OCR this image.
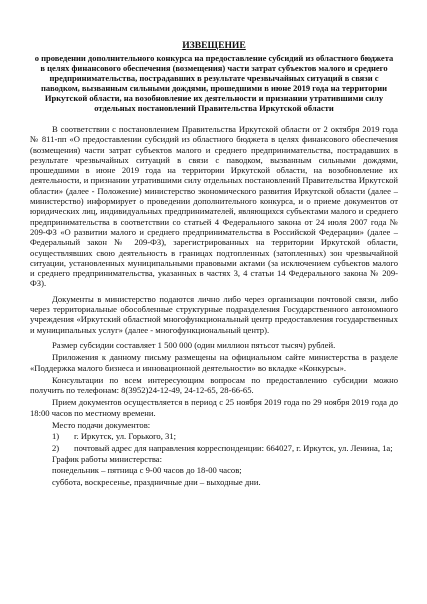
ИЗВЕЩЕНИЕ
о проведении дополнительного конкурса на предоставление субсидий из областного бюджета в целях финансового обеспечения (возмещения) части затрат субъектов малого и среднего предпринимательства, пострадавших в результате чрезвычайных ситуаций в связи с паводком, вызванным сильными дождями, прошедшими в июне 2019 года на территории Иркутской области, на возобновление их деятельности и признании утратившими силу отдельных постановлений Правительства Иркутской области

В соответствии с постановлением Правительства Иркутской области от 2 октября 2019 года № 811-пп «О предоставлении субсидий из областного бюджета в целях финансового обеспечения (возмещения) части затрат субъектов малого и среднего предпринимательства, пострадавших в результате чрезвычайных ситуаций в связи с паводком, вызванным сильными дождями, прошедшими в июне 2019 года на территории Иркутской области, на возобновление их деятельности, и признании утратившими силу отдельных постановлений Правительства Иркутской области» (далее - Положение) министерство экономического развития Иркутской области (далее – министерство) информирует о проведении дополнительного конкурса, и о приеме документов от юридических лиц, индивидуальных предпринимателей, являющихся субъектами малого и среднего предпринимательства в соответствии со статьей 4 Федерального закона от 24 июля 2007 года № 209-ФЗ «О развитии малого и среднего предпринимательства в Российской Федерации» (далее – Федеральный закон № 209-ФЗ), зарегистрированных на территории Иркутской области, осуществлявших свою деятельность в границах подтопленных (затопленных) зон чрезвычайной ситуации, установленных муниципальными правовыми актами (за исключением субъектов малого и среднего предпринимательства, указанных в частях 3, 4 статьи 14 Федерального закона № 209-ФЗ).

Документы в министерство подаются лично либо через организации почтовой связи, либо через территориальные обособленные структурные подразделения Государственного автономного учреждения «Иркутский областной многофункциональный центр предоставления государственных и муниципальных услуг» (далее - многофункциональный центр).

Размер субсидии составляет 1 500 000 (один миллион пятьсот тысяч) рублей.

Приложения к данному письму размещены на официальном сайте министерства в разделе «Поддержка малого бизнеса и инновационной деятельности» во вкладке «Конкурсы».

Консультации по всем интересующим вопросам по предоставлению субсидии можно получить по телефонам: 8(3952)24-12-49, 24-12-65, 28-66-65.

Прием документов осуществляется в период с 25 ноября 2019 года по 29 ноября 2019 года до 18:00 часов по местному времени.

Место подачи документов:
1)	г. Иркутск, ул. Горького, 31;
2)	почтовый адрес для направления корреспонденции: 664027, г. Иркутск, ул. Ленина, 1а;
График работы министерства:
понедельник – пятница с 9-00 часов до 18-00 часов;
суббота, воскресенье, праздничные дни – выходные дни.
